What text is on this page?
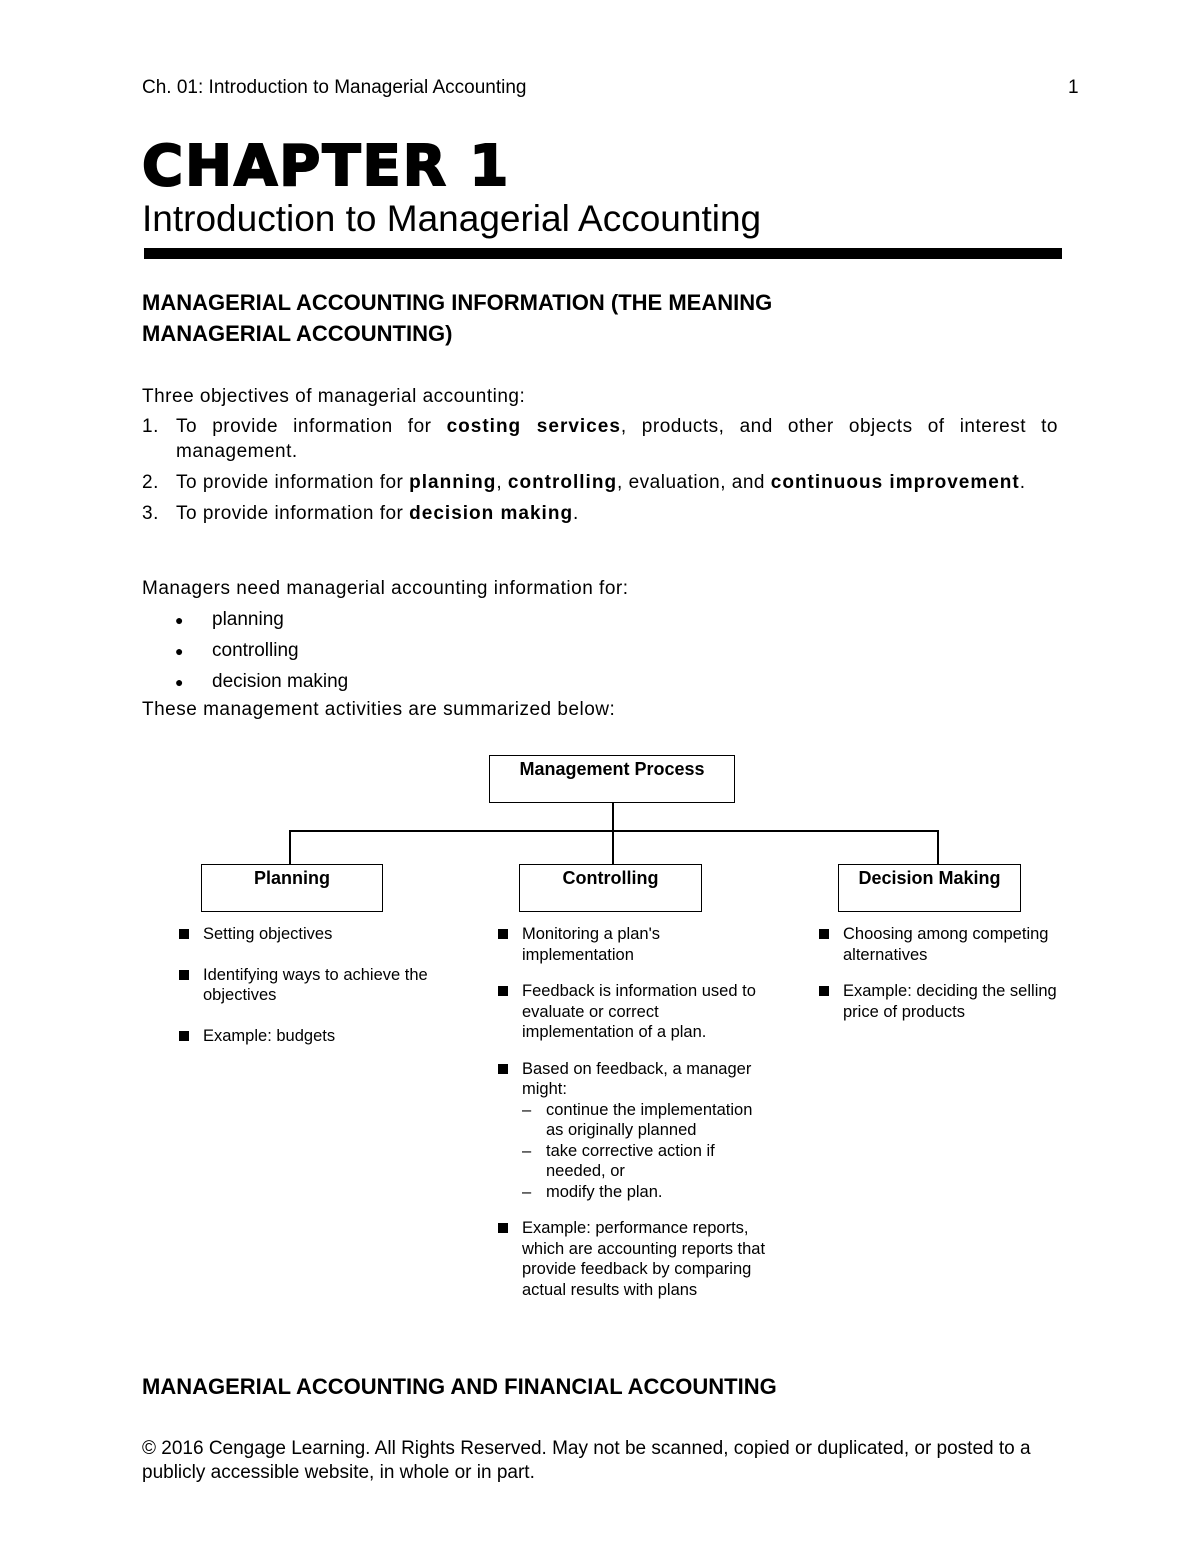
Ch. 01: Introduction to Managerial Accounting	1
CHAPTER 1
Introduction to Managerial Accounting
MANAGERIAL ACCOUNTING INFORMATION (THE MEANING
MANAGERIAL ACCOUNTING)
Three objectives of managerial accounting:
1. To provide information for costing services, products, and other objects of interest to management.
2. To provide information for planning, controlling, evaluation, and continuous improvement.
3. To provide information for decision making.
Managers need managerial accounting information for:
●	planning
●	controlling
●	decision making
These management activities are summarized below:
Management Process
Planning	Controlling	Decision Making
Setting objectives
Identifying ways to achieve the objectives
Example: budgets
Monitoring a plan's implementation
Feedback is information used to evaluate or correct implementation of a plan.
Based on feedback, a manager might:
– continue the implementation as originally planned
– take corrective action if needed, or
– modify the plan.
Example: performance reports, which are accounting reports that provide feedback by comparing actual results with plans
Choosing among competing alternatives
Example: deciding the selling price of products
MANAGERIAL ACCOUNTING AND FINANCIAL ACCOUNTING
© 2016 Cengage Learning. All Rights Reserved. May not be scanned, copied or duplicated, or posted to a publicly accessible website, in whole or in part.
